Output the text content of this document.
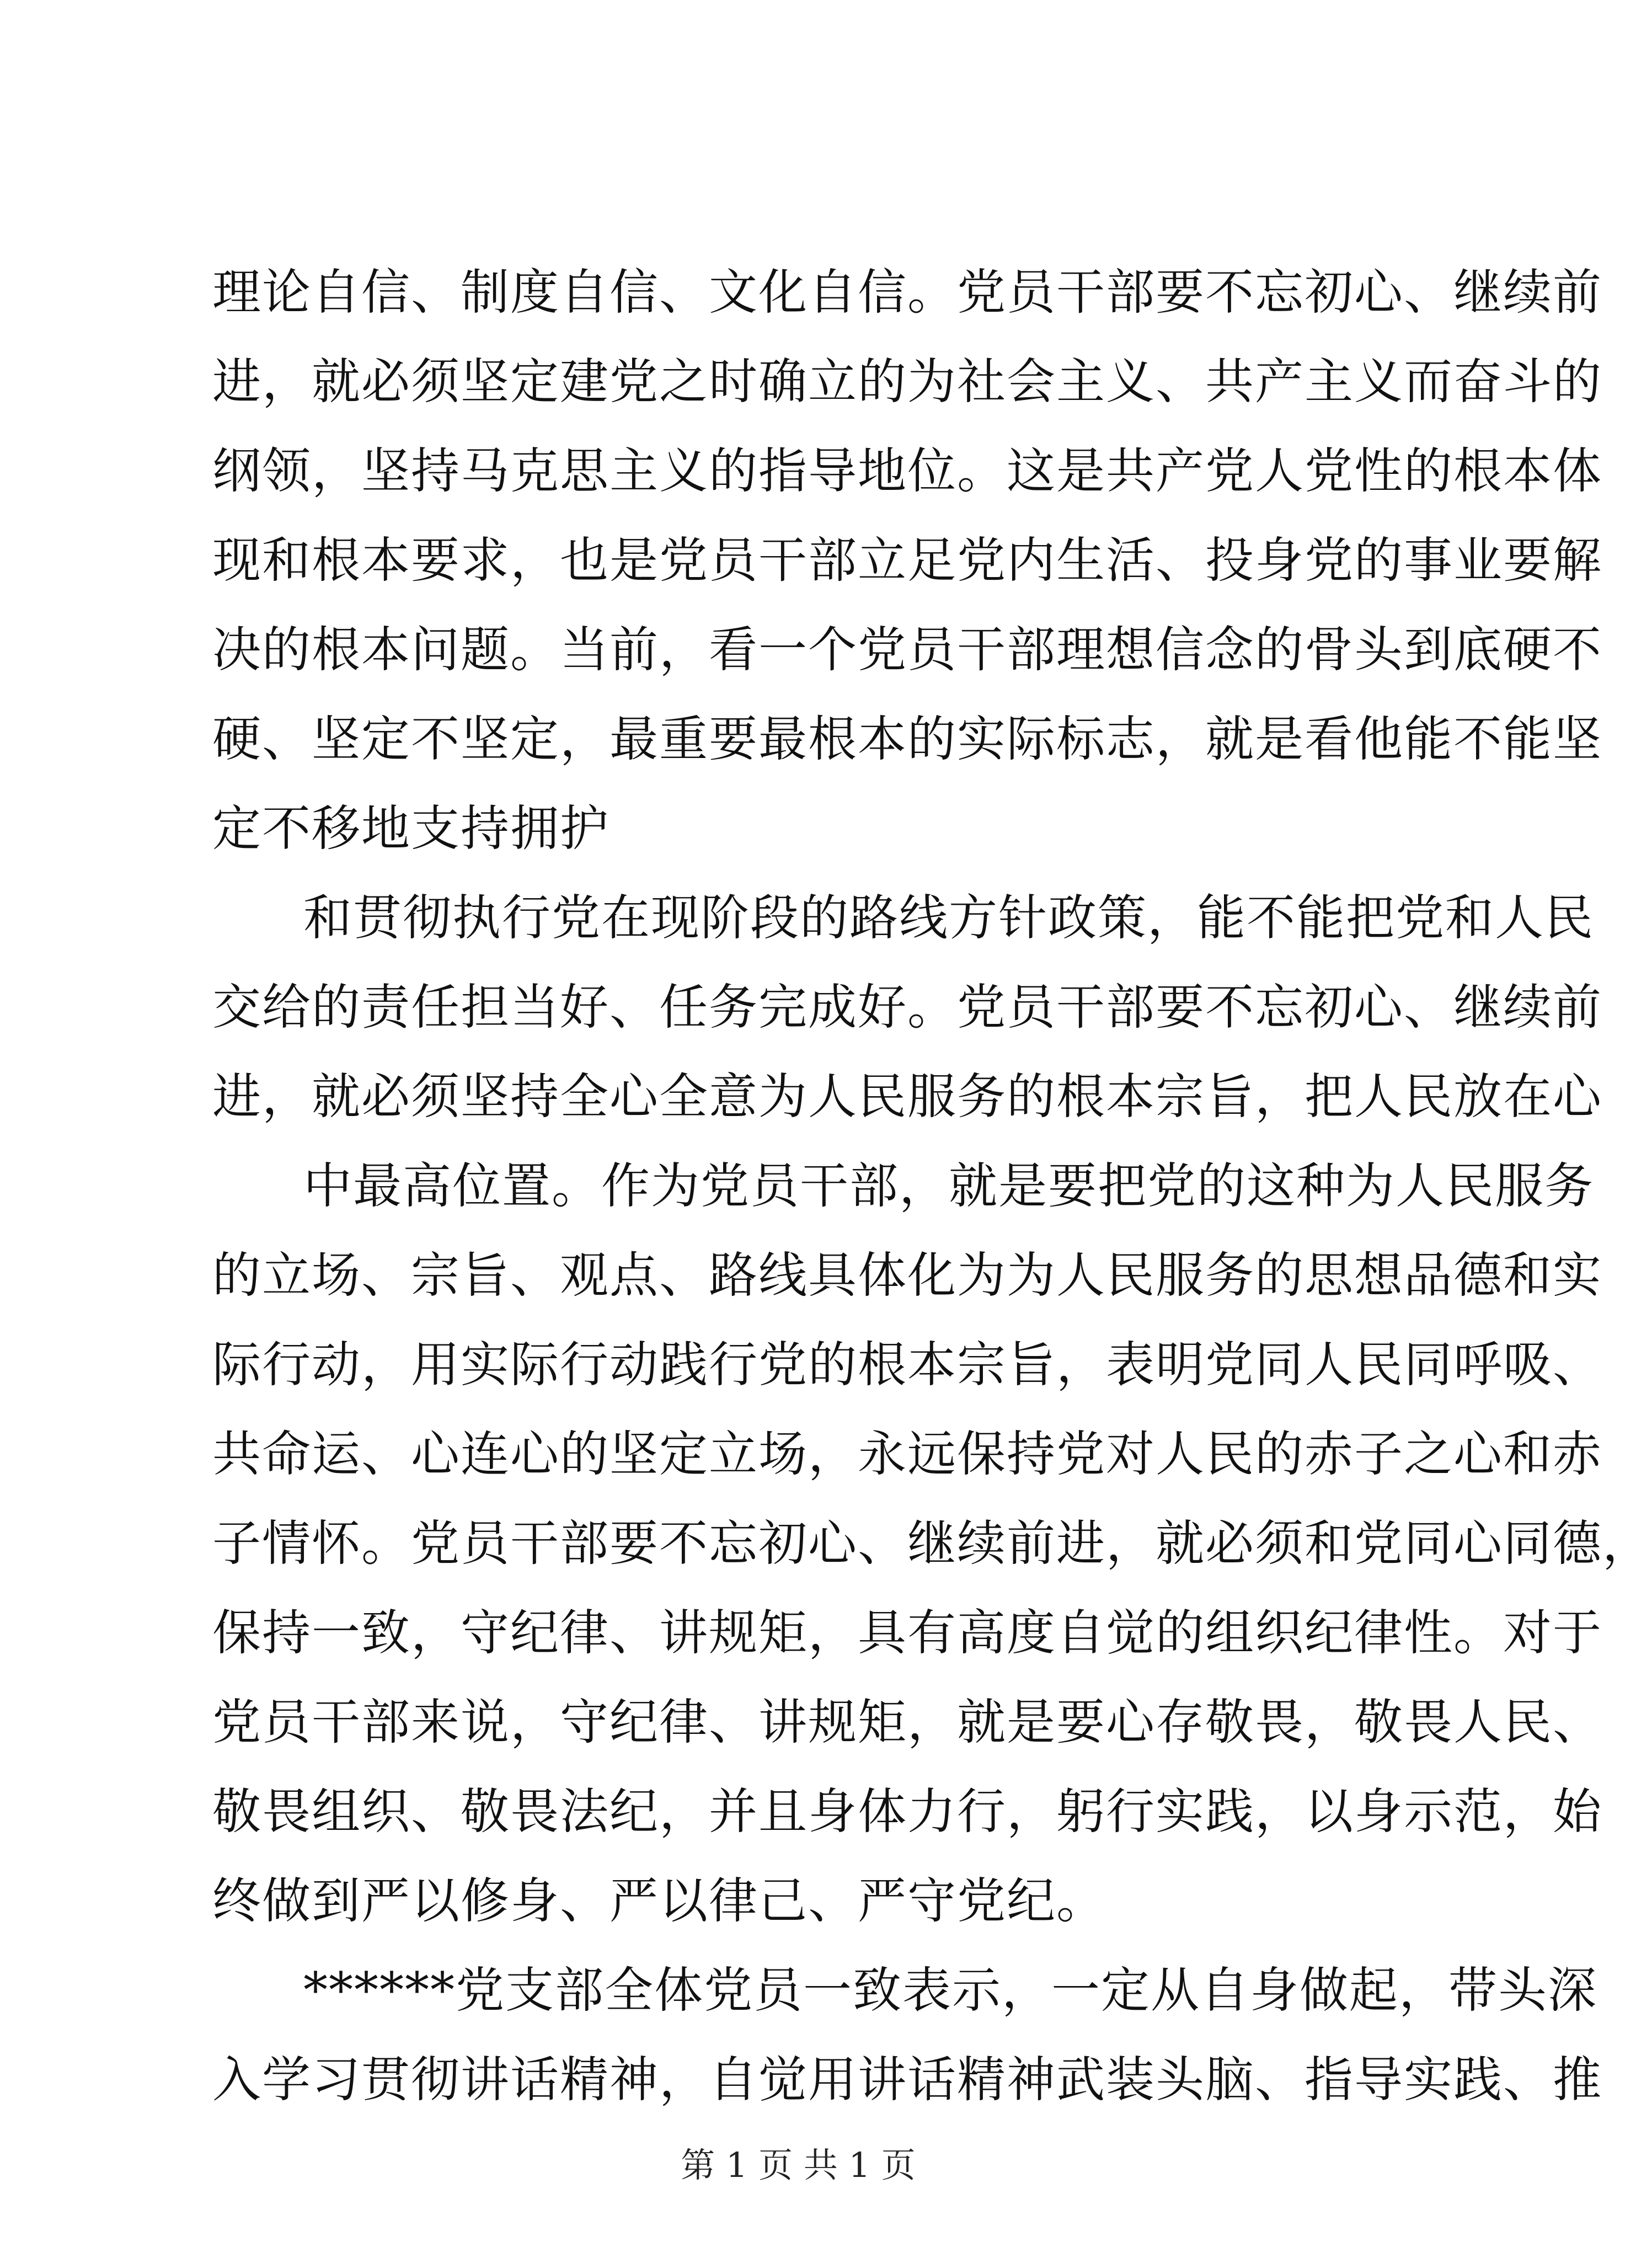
理论自信、制度自信、文化自信。党员干部要不忘初心、继续前
进，就必须坚定建党之时确立的为社会主义、共产主义而奋斗的
纲领，坚持马克思主义的指导地位。这是共产党人党性的根本体
现和根本要求，也是党员干部立足党内生活、投身党的事业要解
决的根本问题。当前，看一个党员干部理想信念的骨头到底硬不
硬、坚定不坚定，最重要最根本的实际标志，就是看他能不能坚
定不移地支持拥护
和贯彻执行党在现阶段的路线方针政策，能不能把党和人民
交给的责任担当好、任务完成好。党员干部要不忘初心、继续前
进，就必须坚持全心全意为人民服务的根本宗旨，把人民放在心
中最高位置。作为党员干部，就是要把党的这种为人民服务
的立场、宗旨、观点、路线具体化为为人民服务的思想品德和实
际行动，用实际行动践行党的根本宗旨，表明党同人民同呼吸、
共命运、心连心的坚定立场，永远保持党对人民的赤子之心和赤
子情怀。党员干部要不忘初心、继续前进，就必须和党同心同德，
保持一致，守纪律、讲规矩，具有高度自觉的组织纪律性。对于
党员干部来说，守纪律、讲规矩，就是要心存敬畏，敬畏人民、
敬畏组织、敬畏法纪，并且身体力行，躬行实践，以身示范，始
终做到严以修身、严以律己、严守党纪。
******党支部全体党员一致表示，一定从自身做起，带头深
入学习贯彻讲话精神，自觉用讲话精神武装头脑、指导实践、推
第 1 页 共 1 页
